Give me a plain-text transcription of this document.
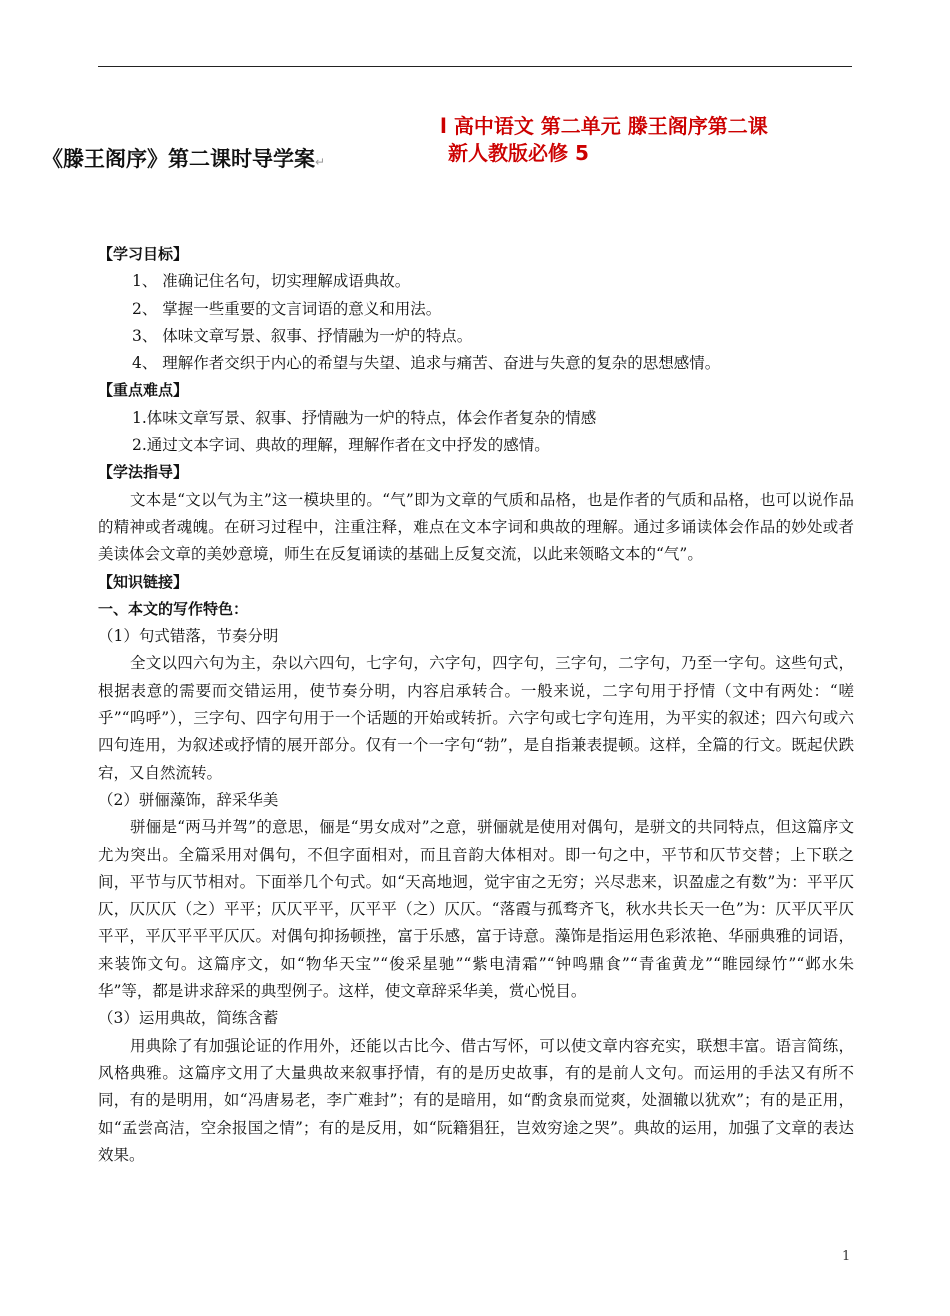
《滕王阁序》第二课时导学案↵
l 高中语文 第二单元 滕王阁序第二课
新人教版必修 5
【学习目标】
1、 准确记住名句，切实理解成语典故。
2、 掌握一些重要的文言词语的意义和用法。
3、 体味文章写景、叙事、抒情融为一炉的特点。
4、 理解作者交织于内心的希望与失望、追求与痛苦、奋进与失意的复杂的思想感情。
【重点难点】
1.体味文章写景、叙事、抒情融为一炉的特点，体会作者复杂的情感
2.通过文本字词、典故的理解，理解作者在文中抒发的感情。
【学法指导】

文本是“文以气为主”这一模块里的。“气”即为文章的气质和品格，也是作者的气质和品格，也可以说作品的精神或者魂魄。在研习过程中，注重注释，难点在文本字词和典故的理解。通过多诵读体会作品的妙处或者美读体会文章的美妙意境，师生在反复诵读的基础上反复交流，以此来领略文本的“气”。

【知识链接】
一、本文的写作特色：
（1）句式错落，节奏分明

全文以四六句为主，杂以六四句，七字句，六字句，四字句，三字句，二字句，乃至一字句。这些句式，根据表意的需要而交错运用，使节奏分明，内容启承转合。一般来说，二字句用于抒情（文中有两处：“嗟乎”“呜呼”），三字句、四字句用于一个话题的开始或转折。六字句或七字句连用，为平实的叙述；四六句或六四句连用，为叙述或抒情的展开部分。仅有一个一字句“勃”，是自指兼表提顿。这样，全篇的行文。既起伏跌宕，又自然流转。

（2）骈俪藻饰，辞采华美

骈俪是“两马并驾”的意思，俪是“男女成对”之意，骈俪就是使用对偶句，是骈文的共同特点，但这篇序文尤为突出。全篇采用对偶句，不但字面相对，而且音韵大体相对。即一句之中，平节和仄节交替；上下联之间，平节与仄节相对。下面举几个句式。如“天高地迥，觉宇宙之无穷；兴尽悲来，识盈虚之有数”为：平平仄仄，仄仄仄（之）平平；仄仄平平，仄平平（之）仄仄。“落霞与孤骛齐飞，秋水共长天一色”为：仄平仄平仄平平，平仄平平平仄仄。对偶句抑扬顿挫，富于乐感，富于诗意。藻饰是指运用色彩浓艳、华丽典雅的词语，来装饰文句。这篇序文，如“物华天宝”“俊采星驰”“紫电清霜”“钟鸣鼎食”“青雀黄龙”“睢园绿竹”“邺水朱华”等，都是讲求辞采的典型例子。这样，使文章辞采华美，赏心悦目。

（3）运用典故，简练含蓄

用典除了有加强论证的作用外，还能以古比今、借古写怀，可以使文章内容充实，联想丰富。语言简练，风格典雅。这篇序文用了大量典故来叙事抒情，有的是历史故事，有的是前人文句。而运用的手法又有所不同，有的是明用，如“冯唐易老，李广难封”；有的是暗用，如“酌贪泉而觉爽，处涸辙以犹欢”；有的是正用，如“孟尝高洁，空余报国之情”；有的是反用，如“阮籍猖狂，岂效穷途之哭”。典故的运用，加强了文章的表达效果。

1
